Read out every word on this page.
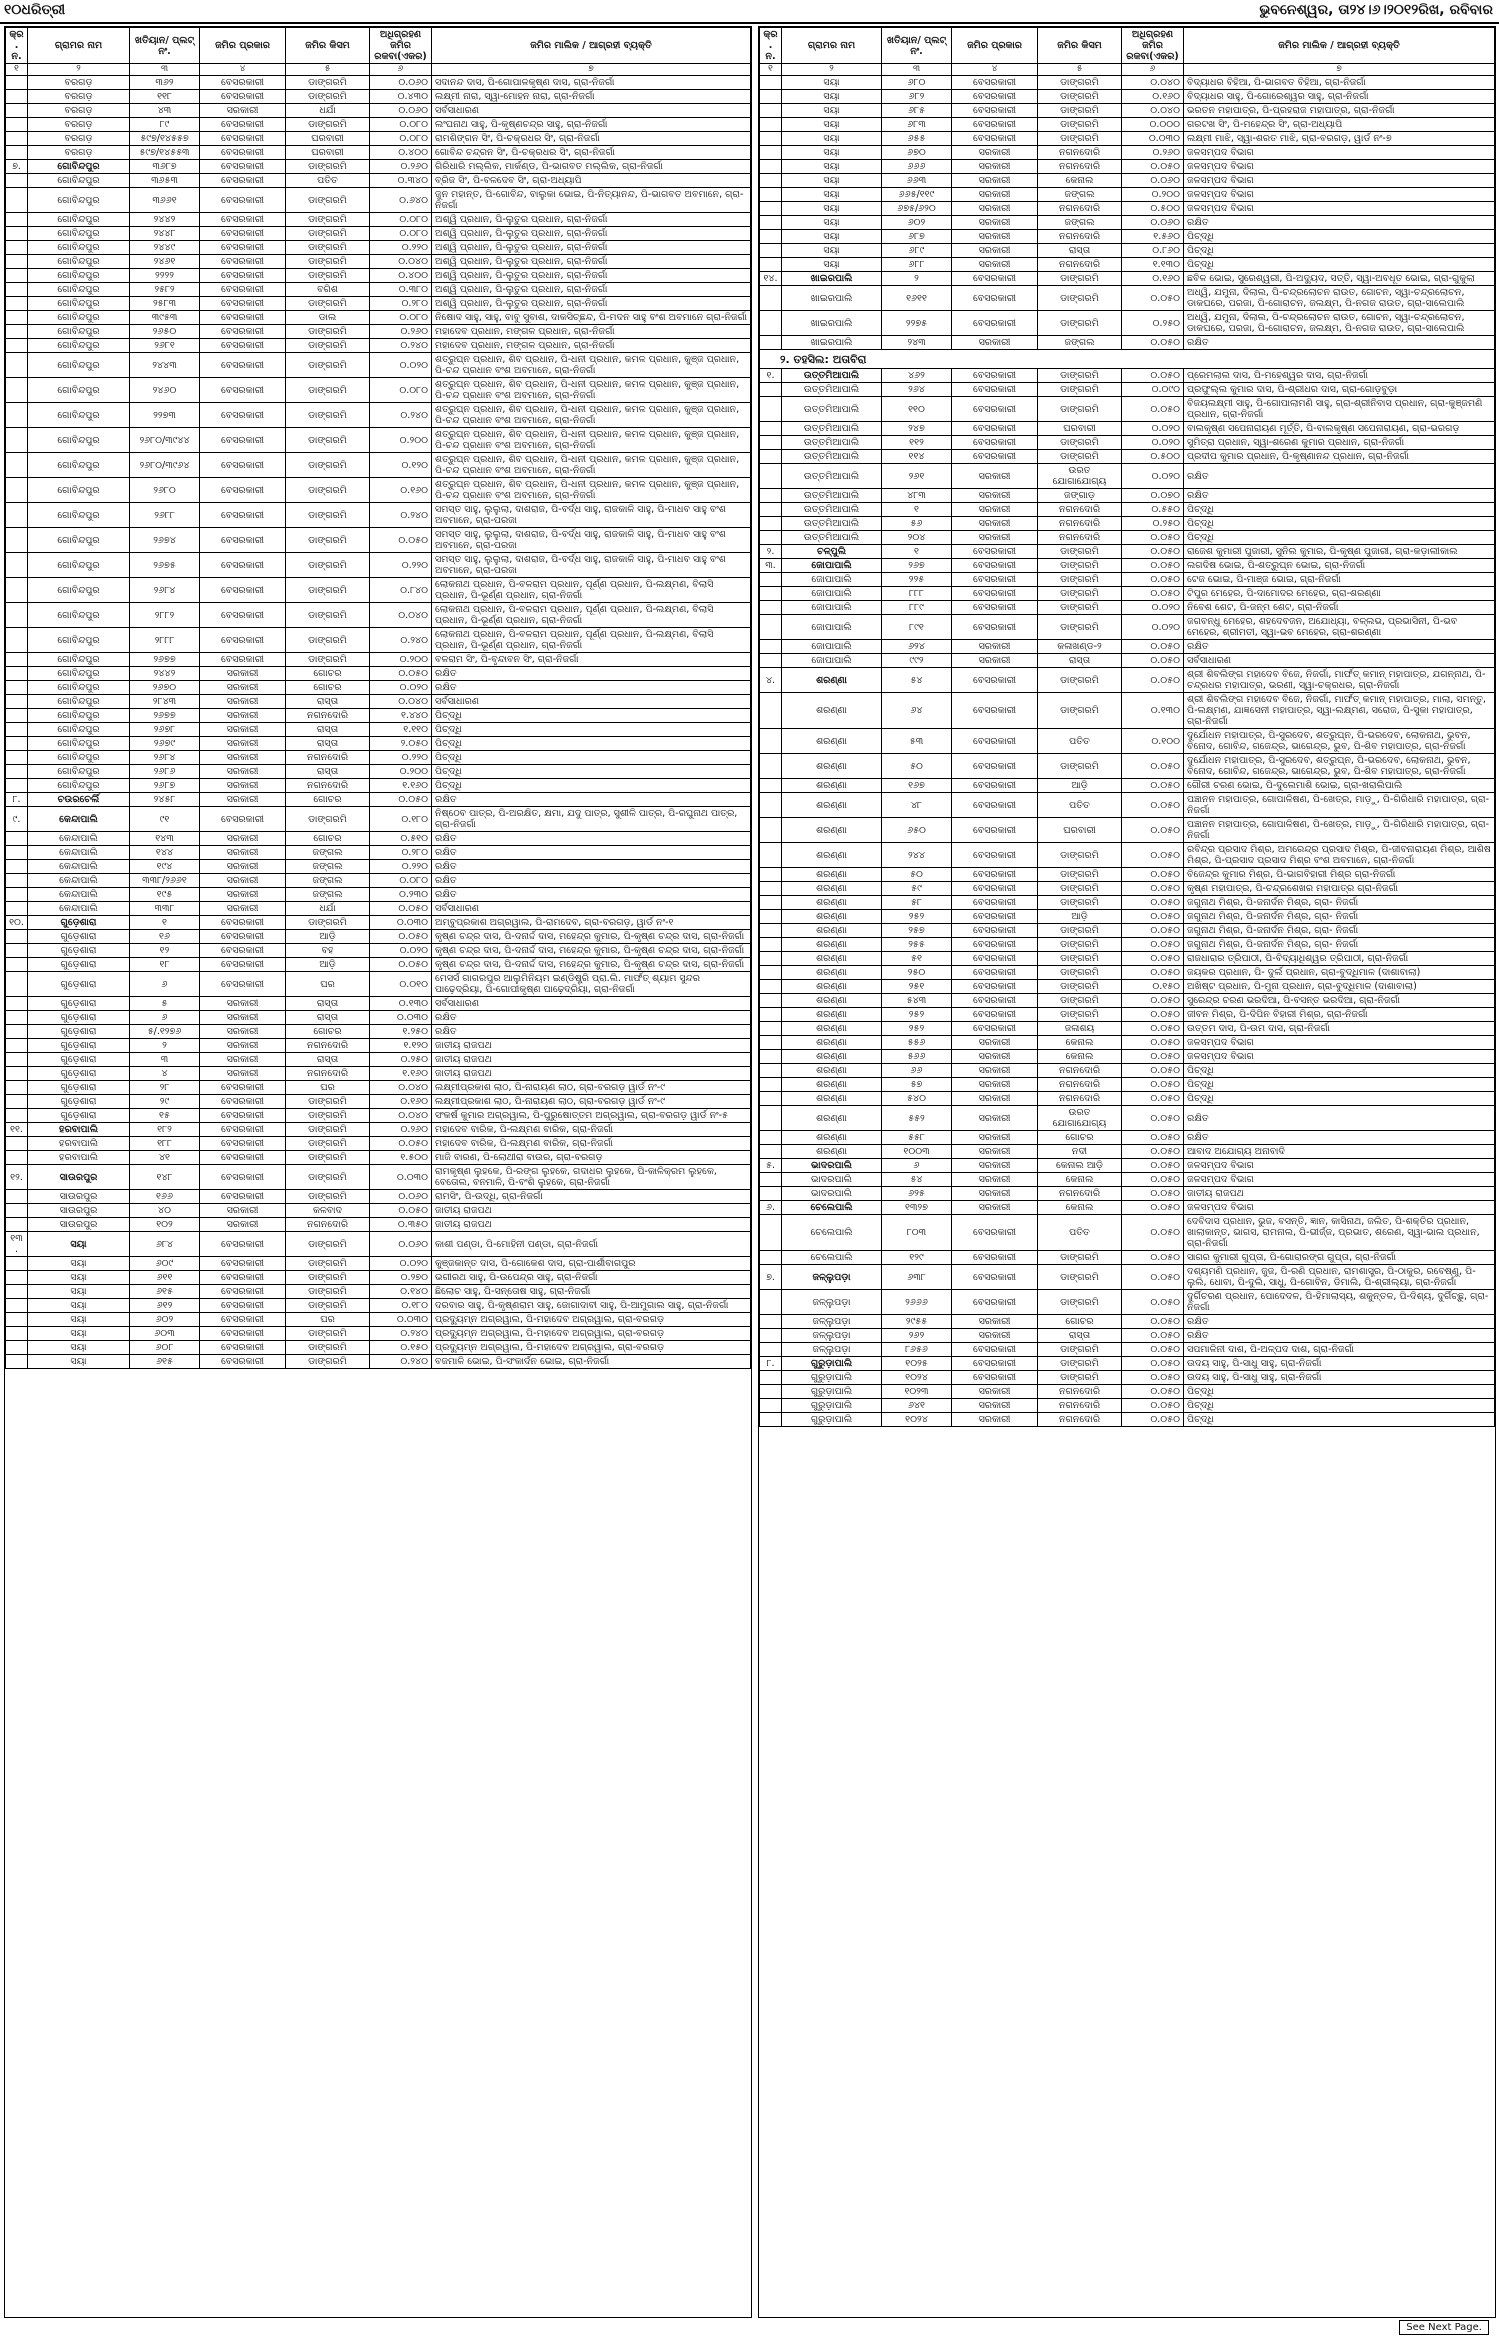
୧୦ଧରିତ୍ରୀ	ଭୁବନେଶ୍ୱର, ତା୨୪।୬।୨୦୧୨ରିଖ, ରବିବାର
କ୍ର. ନ.	ଗ୍ରାମର ନାମ	ଖତିୟାନ/ ପ୍ଲଟ୍ ନଂ.	ଜମିର ପ୍ରକାର	ଜମିର କିସମ	ଅଧିଗ୍ରହଣ ଜମିର ରକବା(ଏକର)	ଜମିର ମାଲିକ / ଆଗ୍ରହୀ ବ୍ୟକ୍ତି
୧	୨	୩	୪	୫	୬	୭
	ବରଗଡ଼	୩୬୨	ବେସରକାରୀ	ଡାଙ୍ଗରମି	୦.୦୬୦	ସଦାନନ୍ଦ ଦାସ, ପି-ଗୋପାଳକୃଷ୍ଣ ଦାସ, ଗ୍ରା-ନିଜର୍ଗା
	ବରଗଡ଼	୧୧୮	ବେସରକାରୀ	ଡାଙ୍ଗରମି	୦.୪୩୦	ଲକ୍ଷ୍ମୀ ନାରା, ସ୍ୱା-ମୋହନ ନାରା, ଗ୍ରା-ନିଜର୍ଗା
	ବରଗଡ଼	୪୩	ସରକାରୀ	ଧର୍ଯା	୦.୦୬୦	ସର୍ବସାଧାରଣ
	ବରଗଡ଼	୮୯	ବେସରକାରୀ	ଡାଙ୍ଗରମି	୦.୦୮୦	ଲଂଘନାଥ ସାହୁ, ପି-କୃଷ୍ଣଚନ୍ଦ୍ର ସାହୁ, ଗ୍ରା-ନିଜର୍ଗା
	ବରଗଡ଼	୫୯୭/୧୪୫୫୭	ବେସରକାରୀ	ଘରବାରୀ	୦.୦୮୦	ରାମଶିଙ୍ଗନ ସିଂ, ପି-ଚକ୍ରଧର ସିଂ, ଗ୍ରା-ନିଜର୍ଗା
	ବରଗଡ଼	୫୯୭/୧୪୫୫୩	ବେସରକାରୀ	ଘରବାରୀ	୦.୪୦୦	ଗୋବିନ୍ଦ ଚନ୍ଦ୍ରନ ସିଂ, ପି-ଚକ୍ରଧର ସିଂ, ଗ୍ରା-ନିଜର୍ଗା
୭.	ଗୋବିନ୍ଦପୁର	୩୬୮୭	ବେସରକାରୀ	ଡାଙ୍ଗରମି	୦.୨୬୦	ଗିରିଧାରି ମଲ୍ଲିକ, ମାର୍କଣ୍ଡ, ପି-ଭାଗବତ ମଲ୍ଲିକ, ଗ୍ରା-ନିଜର୍ଗା
	ଗୋବିନ୍ଦପୁର	୩୬୫୩	ବେସରକାରୀ	ପତିତ	୦.୩୪୦	ବ୍ରିଜ ସିଂ, ପି-ବଳଦେବ ସିଂ, ଗ୍ରା-ଅଧ୍ୟାପି
	ଗୋବିନ୍ଦପୁର	୩୬୬୧	ବେସରକାରୀ	ଡାଙ୍ଗରମି	୦.୬୪୦	ଜୁନ ମହାନ୍ତ, ପି-ଗୋବିନ୍ଦ, ବାଲୁକା ଭୋଇ, ପି-ନିତ୍ୟାନନ୍ଦ, ପି-ଭାଗବତ ଅବମାନେ, ଗ୍ରା-ନିଜର୍ଗା
	ଗୋବିନ୍ଦପୁର	୨୪୪୨	ବେସରକାରୀ	ଡାଙ୍ଗରମି	୦.୦୮୦	ଅଶ୍ୱି ପ୍ରଧାନ, ପି-ଲୁତୁର ପ୍ରଧାନ, ଗ୍ରା-ନିଜର୍ଗା
	ଗୋବିନ୍ଦପୁର	୨୪୪୮	ବେସରକାରୀ	ଡାଙ୍ଗରମି	୦.୦୮୦	ଅଶ୍ୱି ପ୍ରଧାନ, ପି-ଲୁତୁର ପ୍ରଧାନ, ଗ୍ରା-ନିଜର୍ଗା
	ଗୋବିନ୍ଦପୁର	୨୪୪୯	ବେସରକାରୀ	ଡାଙ୍ଗରମି	୦.୨୨୦	ଅଶ୍ୱି ପ୍ରଧାନ, ପି-ଲୁତୁର ପ୍ରଧାନ, ଗ୍ରା-ନିଜର୍ଗା
	ଗୋବିନ୍ଦପୁର	୨୪୬୧	ବେସରକାରୀ	ଡାଙ୍ଗରମି	୦.୦୪୦	ଅଶ୍ୱି ପ୍ରଧାନ, ପି-ଲୁତୁର ପ୍ରଧାନ, ଗ୍ରା-ନିଜର୍ଗା
	ଗୋବିନ୍ଦପୁର	୨୨୨୨	ବେସରକାରୀ	ଡାଙ୍ଗରମି	୦.୪୦୦	ଅଶ୍ୱି ପ୍ରଧାନ, ପି-ଲୁତୁର ପ୍ରଧାନ, ଗ୍ରା-ନିଜର୍ଗା
	ଗୋବିନ୍ଦପୁର	୨୫୮୨	ବେସରକାରୀ	ବଗିଶ	୦.୩୮୦	ଅଶ୍ୱି ପ୍ରଧାନ, ପି-ଲୁତୁର ପ୍ରଧାନ, ଗ୍ରା-ନିଜର୍ଗା
	ଗୋବିନ୍ଦପୁର	୨୫୮୩	ବେସରକାରୀ	ଡାଙ୍ଗରମି	୦.୨୮୦	ଅଶ୍ୱି ପ୍ରଧାନ, ପି-ଲୁତୁର ପ୍ରଧାନ, ଗ୍ରା-ନିଜର୍ଗା
	ଗୋବିନ୍ଦପୁର	୩୯୫୩	ବେସରକାରୀ	ଡାଲ	୦.୦୮୦	ନିଷୋଦ ସାହୁ, ସାହୁ, ବାବୁ ସୁବାଶ, ଦାକସିଚ୍ଛନ୍ଦ, ପି-ମଦନ ସାହୁ ବଂଶ ଅବମାନେ ଗ୍ରା-ନିଜର୍ଗା
	ଗୋବିନ୍ଦପୁର	୨୬୫୦	ବେସରକାରୀ	ଡାଙ୍ଗରମି	୦.୨୬୦	ମହାଦେବ ପ୍ରଧାନ, ମଙ୍ଗଳ ପ୍ରଧାନ, ଗ୍ରା-ନିଜର୍ଗା
	ଗୋବିନ୍ଦପୁର	୨୬୮୧	ବେସରକାରୀ	ଡାଙ୍ଗରମି	୦.୨୪୦	ମହାଦେବ ପ୍ରଧାନ, ମଙ୍ଗଳ ପ୍ରଧାନ, ଗ୍ରା-ନିଜର୍ଗା
	ଗୋବିନ୍ଦପୁର	୨୪୪୩	ବେସରକାରୀ	ଡାଙ୍ଗରମି	୦.୦୨୦	ଶତ୍ରୁଘ୍ନ ପ୍ରଧାନ, ଶିବ ପ୍ରଧାନ, ପି-ଧନୀ ପ୍ରଧାନ, କମଳ ପ୍ରଧାନ, କୁଞ୍ଜ ପ୍ରଧାନ, ପି-ଚନ୍ଦ ପ୍ରଧାନ ବଂଶ ଅବମାନେ, ଗ୍ରା-ନିଜର୍ଗା
	ଗୋବିନ୍ଦପୁର	୨୪୬୦	ବେସରକାରୀ	ଡାଙ୍ଗରମି	୦.୦୮୦	ଶତ୍ରୁଘ୍ନ ପ୍ରଧାନ, ଶିବ ପ୍ରଧାନ, ପି-ଧନୀ ପ୍ରଧାନ, କମଳ ପ୍ରଧାନ, କୁଞ୍ଜ ପ୍ରଧାନ, ପି-ଚନ୍ଦ ପ୍ରଧାନ ବଂଶ ଅବମାନେ, ଗ୍ରା-ନିଜର୍ଗା
	ଗୋବିନ୍ଦପୁର	୨୨୭୩	ବେସରକାରୀ	ଡାଙ୍ଗରମି	୦.୨୪୦	ଶତ୍ରୁଘ୍ନ ପ୍ରଧାନ, ଶିବ ପ୍ରଧାନ, ପି-ଧନୀ ପ୍ରଧାନ, କମଳ ପ୍ରଧାନ, କୁଞ୍ଜ ପ୍ରଧାନ, ପି-ଚନ୍ଦ ପ୍ରଧାନ ବଂଶ ଅବମାନେ, ଗ୍ରା-ନିଜର୍ଗା
	ଗୋବିନ୍ଦପୁର	୨୬୮୦/୩୯୪୪	ବେସରକାରୀ	ଡାଙ୍ଗରମି	୦.୨୦୦	ଶତ୍ରୁଘ୍ନ ପ୍ରଧାନ, ଶିବ ପ୍ରଧାନ, ପି-ଧନୀ ପ୍ରଧାନ, କମଳ ପ୍ରଧାନ, କୁଞ୍ଜ ପ୍ରଧାନ, ପି-ଚନ୍ଦ ପ୍ରଧାନ ବଂଶ ଅବମାନେ, ଗ୍ରା-ନିଜର୍ଗା
	ଗୋବିନ୍ଦପୁର	୨୬୮୦/୩୯୬୪	ବେସରକାରୀ	ଡାଙ୍ଗରମି	୦.୧୨୦	ଶତ୍ରୁଘ୍ନ ପ୍ରଧାନ, ଶିବ ପ୍ରଧାନ, ପି-ଧନୀ ପ୍ରଧାନ, କମଳ ପ୍ରଧାନ, କୁଞ୍ଜ ପ୍ରଧାନ, ପି-ଚନ୍ଦ ପ୍ରଧାନ ବଂଶ ଅବମାନେ, ଗ୍ରା-ନିଜର୍ଗା
	ଗୋବିନ୍ଦପୁର	୨୬୮୦	ବେସରକାରୀ	ଡାଙ୍ଗରମି	୦.୧୬୦	ଶତ୍ରୁଘ୍ନ ପ୍ରଧାନ, ଶିବ ପ୍ରଧାନ, ପି-ଧନୀ ପ୍ରଧାନ, କମଳ ପ୍ରଧାନ, କୁଞ୍ଜ ପ୍ରଧାନ, ପି-ଚନ୍ଦ ପ୍ରଧାନ ବଂଶ ଅବମାନେ, ଗ୍ରା-ନିଜର୍ଗା
	ଗୋବିନ୍ଦପୁର	୨୬୮୮	ବେସରକାରୀ	ଡାଙ୍ଗରମି	୦.୨୪୦	ସମସ୍ତ ସାହୁ, ଲୁଲୁଲା, ଦାଶରାଜ, ପି-ବର୍ଦ୍ଧ ସାହୁ, ରାଜକାଳି ସାହୁ, ପି-ମାଧବ ସାହୁ ବଂଶ ଅବମାନେ, ଗ୍ରା-ପରଜା
	ଗୋବିନ୍ଦପୁର	୨୬୭୪	ବେସରକାରୀ	ଡାଙ୍ଗରମି	୦.୦୫୦	ସମସ୍ତ ସାହୁ, ଲୁଲୁଲା, ଦାଶରାଜ, ପି-ବର୍ଦ୍ଧ ସାହୁ, ରାଜକାଳି ସାହୁ, ପି-ମାଧବ ସାହୁ ବଂଶ ଅବମାନେ, ଗ୍ରା-ପରଜା
	ଗୋବିନ୍ଦପୁର	୨୬୭୫	ବେସରକାରୀ	ଡାଙ୍ଗରମି	୦.୨୨୦	ସମସ୍ତ ସାହୁ, ଲୁଲୁଲା, ଦାଶରାଜ, ପି-ବର୍ଦ୍ଧ ସାହୁ, ରାଜକାଳି ସାହୁ, ପି-ମାଧବ ସାହୁ ବଂଶ ଅବମାନେ, ଗ୍ରା-ପରଜା
	ଗୋବିନ୍ଦପୁର	୨୬୮୪	ବେସରକାରୀ	ଡାଙ୍ଗରମି	୦.୮୪୦	ଲୋକନାଥ ପ୍ରଧାନ, ପି-ବଳରାମ ପ୍ରଧାନ, ପୂର୍ଣ୍ଣ ପ୍ରଧାନ, ପି-ଲକ୍ଷ୍ମଣ, ବିଲାସି ପ୍ରଧାନ, ପି-ଭୂର୍ଣ୍ଣ ପ୍ରଧାନ, ଗ୍ରା-ନିଜର୍ଗା
	ଗୋବିନ୍ଦପୁର	୨୮୮୨	ବେସରକାରୀ	ଡାଙ୍ଗରମି	୦.୦୪୦	ଲୋକନାଥ ପ୍ରଧାନ, ପି-ବଳରାମ ପ୍ରଧାନ, ପୂର୍ଣ୍ଣ ପ୍ରଧାନ, ପି-ଲକ୍ଷ୍ମଣ, ବିଲାସି ପ୍ରଧାନ, ପି-ଭୂର୍ଣ୍ଣ ପ୍ରଧାନ, ଗ୍ରା-ନିଜର୍ଗା
	ଗୋବିନ୍ଦପୁର	୨୮୮୮	ବେସରକାରୀ	ଡାଙ୍ଗରମି	୦.୨୪୦	ଲୋକନାଥ ପ୍ରଧାନ, ପି-ବଳରାମ ପ୍ରଧାନ, ପୂର୍ଣ୍ଣ ପ୍ରଧାନ, ପି-ଲକ୍ଷ୍ମଣ, ବିଲାସି ପ୍ରଧାନ, ପି-ଭୂର୍ଣ୍ଣ ପ୍ରଧାନ, ଗ୍ରା-ନିଜର୍ଗା
	ଗୋବିନ୍ଦପୁର	୨୬୭୭	ବେସରକାରୀ	ଡାଙ୍ଗରମି	୦.୨୦୦	ବଳରାମ ସିଂ, ପି-ବୃନ୍ଦାବନ ସିଂ, ଗ୍ରା-ନିଜର୍ଗା
	ଗୋବିନ୍ଦପୁର	୨୪୪୨	ସରକାରୀ	ଗୋଚର	୦.୦୫୦	ରକ୍ଷିତ
	ଗୋବିନ୍ଦପୁର	୨୬୭୦	ସରକାରୀ	ଗୋଚର	୦.୦୨୦	ରକ୍ଷିତ
	ଗୋବିନ୍ଦପୁର	୨୮୪୩	ସରକାରୀ	ରାସ୍ତା	୦.୦୪୦	ସର୍ବସାଧାରଣ
	ଗୋବିନ୍ଦପୁର	୨୬୭୭	ସରକାରୀ	ନଗନଦୋରି	୧.୪୪୦	ପିଚ୍‌ଦ୍ଧି
	ଗୋବିନ୍ଦପୁର	୨୬୭୮	ସରକାରୀ	ରାସ୍ତା	୧.୧୧୦	ପିଚ୍‌ଦ୍ଧି
	ଗୋବିନ୍ଦପୁର	୨୬୭୯	ସରକାରୀ	ରାସ୍ତା	୨.୦୫୦	ପିଚ୍‌ଦ୍ଧି
	ଗୋବିନ୍ଦପୁର	୨୬୮୪	ସରକାରୀ	ନଗନଦୋରି	୦.୨୨୦	ପିଚ୍‌ଦ୍ଧି
	ଗୋବିନ୍ଦପୁର	୨୬୮୬	ସରକାରୀ	ରାସ୍ତା	୦.୨୦୦	ପିଚ୍‌ଦ୍ଧି
	ଗୋବିନ୍ଦପୁର	୨୬୮୭	ସରକାରୀ	ନଗନଦୋରି	୧.୧୬୦	ପିଚ୍‌ଦ୍ଧି
୮.	ଚଉରଚେର୍ଲି	୨୪୫୮	ସରକାରୀ	ଗୋଚର	୦.୦୫୦	ରକ୍ଷିତ
୯.	କେନ୍ଦାପାଲି	୯୧	ବେସରକାରୀ	ଡାଙ୍ଗରମି	୦.୧୮୦	ନିଷ୍ଠେବ ପାତ୍ର, ପି-ଅରକ୍ଷିତ, କ୍ଷମା, ଯଦୁ ପାତ୍ର, ସୁଶୀଳି ପାତ୍ର, ପି-ରଘୁନାଥ ପାତ୍ର, ଗ୍ରା-ନିଜର୍ଗା
	କେନ୍ଦାପାଲି	୧୪୩	ସରକାରୀ	ଗୋଚର	୦.୫୧୦	ରକ୍ଷିତ
	କେନ୍ଦାପାଲି	୧୪୪	ସରକାରୀ	ଜଙ୍ଗଲ	୦.୨୮୦	ରକ୍ଷିତ
	କେନ୍ଦାପାଲି	୧୯୪	ସରକାରୀ	ଜଙ୍ଗଲ	୦.୨୨୦	ରକ୍ଷିତ
	କେନ୍ଦାପାଲି	୩୩୮/୨୬୬୧	ସରକାରୀ	ଜଙ୍ଗଲ	୦.୦୮୦	ରକ୍ଷିତ
	କେନ୍ଦାପାଲି	୧୯୫	ସରକାରୀ	ଜଙ୍ଗଲ	୦.୨୩୦	ରକ୍ଷିତ
	କେନ୍ଦାପାଲି	୩୩୮	ସରକାରୀ	ଧର୍ଯା	୦.୦୫୦	ସର୍ବସାଧାରଣ
୧୦.	ଗୁଡ଼େଶାରା	୧	ବେସରକାରୀ	ଡାଙ୍ଗରମି	୦.୦୩୦	ଅମ୍ବୁପ୍ରକାଶ ଅଗ୍ରୱାଲ, ପି-ରାମଦେବ, ଗ୍ରା-ବରଗଡ଼, ୱାର୍ଡ ନଂ-୧
	ଗୁଡ଼େଶାରା	୧୬	ବେସରକାରୀ	ଆଡ଼ି	୦.୦୫୦	କୃଷ୍ଣ ଚନ୍ଦ୍ର ଦାସ, ପି-ଦନାର୍ଦ୍ଦ ଦାସ, ମହେନ୍ଦ୍ର କୁମାର, ପି-କୃଷ୍ଣ ଚନ୍ଦ୍ର ଦାସ, ଗ୍ରା-ନିଜର୍ଗା
	ଗୁଡ଼େଶାରା	୧୨	ବେସରକାରୀ	ବହ	୦.୦୨୦	କୃଷ୍ଣ ଚନ୍ଦ୍ର ଦାସ, ପି-ଦନାର୍ଦ୍ଦ ଦାସ, ମହେନ୍ଦ୍ର କୁମାର, ପି-କୃଷ୍ଣ ଚନ୍ଦ୍ର ଦାସ, ଗ୍ରା-ନିଜର୍ଗା
	ଗୁଡ଼େଶାରା	୧୮	ବେସରକାରୀ	ଆଡ଼ି	୦.୦୫୦	କୃଷ୍ଣ ଚନ୍ଦ୍ର ଦାସ, ପି-ଦନାର୍ଦ୍ଦ ଦାସ, ମହେନ୍ଦ୍ର କୁମାର, ପି-କୃଷ୍ଣ ଚନ୍ଦ୍ର ଦାସ, ଗ୍ରା-ନିଜର୍ଗା
	ଗୁଡ଼େଶାରା	୬	ବେସରକାରୀ	ଘର	୦.୦୧୦	ମେସର୍ସ ଗାଗରପୁର ଆଲୁମିନିୟମ ଇଣ୍ଡିଷ୍ଟ୍ରି ପ୍ରା.ଲି. ମାର୍ଫତ୍ ଶ୍ୟାମ ସୁନ୍ଦର ପାଢ଼େଦ୍ରିୟା, ପି-ଗୋପୀକୃଷ୍ଣ ପାଢ଼େଦ୍ରିୟା, ଗ୍ରା-ନିଜର୍ଗା
	ଗୁଡ଼େଶାରା	୫	ସରକାରୀ	ରାସ୍ତା	୦.୧୩୦	ସର୍ବସାଧାରଣ
	ଗୁଡ଼େଶାରା	୬	ସରକାରୀ	ରାସ୍ତା	୦.୦୩୦	ରକ୍ଷିତ
	ଗୁଡ଼େଶାରା	୫/.୧୨୭୬	ସରକାରୀ	ଗୋଚର	୧.୨୫୦	ରକ୍ଷିତ
	ଗୁଡ଼େଶାରା	୨	ସରକାରୀ	ନଗନଦୋରି	୧.୧୨୦	ଜାତୀୟ ରାଜପଥ
	ଗୁଡ଼େଶାରା	୩	ସରକାରୀ	ରାସ୍ତା	୦.୨୫୦	ଜାତୀୟ ରାଜପଥ
	ଗୁଡ଼େଶାରା	୪	ସରକାରୀ	ନଗନଦୋରି	୧.୧୬୦	ଜାତୀୟ ରାଜପଥ
	ଗୁଡ଼େଶାରା	୨୮	ବେସରକାରୀ	ଘର	୦.୦୪୦	ଲକ୍ଷ୍ମୀପ୍ରକାଶ ଲାଠ, ପି-ନାରାୟଣ ଲାଠ, ଗ୍ରା-ବରଗଡ଼ ୱାର୍ଡ ନଂ-୯
	ଗୁଡ଼େଶାରା	୨୯	ବେସରକାରୀ	ଡାଙ୍ଗରମି	୦.୧୬୦	ଲକ୍ଷ୍ମୀପ୍ରକାଶ ଲାଠ, ପି-ନାରାୟଣ ଲାଠ, ଗ୍ରା-ବରଗଡ଼ ୱାର୍ଡ ନଂ-୯
	ଗୁଡ଼େଶାରା	୧୫	ବେସରକାରୀ	ଡାଙ୍ଗରମି	୦.୦୪୦	ସଂକର୍ଷ କୁମାର ଅଗ୍ରୱାଲ, ପି-ପୁରୁଷୋତ୍ତମ ଅଗ୍ରୱାଲ, ଗ୍ରା-ବରଗଡ଼ ୱାର୍ଡ ନଂ-୫
୧୧.	ହରବାପାଲି	୧୮୨	ବେସରକାରୀ	ଡାଙ୍ଗରମି	୦.୨୬୦	ମହାଦେବ ବାରିକ, ପି-ଲକ୍ଷ୍ମଣ ବାରିକ, ଗ୍ରା-ନିଜର୍ଗା
	ହରବାପାଲି	୧୮୮	ବେସରକାରୀ	ଡାଙ୍ଗରମି	୦.୦୫୦	ମହାଦେବ ବାରିକ, ପି-ଲକ୍ଷ୍ମଣ ବାରିକ, ଗ୍ରା-ନିଜର୍ଗା
	ହରବାପାଲି	୪୧	ବେସରକାରୀ	ଡାଙ୍ଗରମି	୧.୫୦୦	ମାଜି ବାରଣ, ପି-ଲୋଥୀରା ବାଉର, ଗ୍ରା-ବରଗଡ଼
୧୨.	ସାଉରପୁର	୧୪୮	ବେସରକାରୀ	ଡାଙ୍ଗରମି	୦.୦୩୦	ରାମକୃଷ୍ଣ ଲୁହକେ, ପି-ରଙ୍ଗ ଲୁହକେ, ଗଦାଧର ଲୁହକେ, ପି-କାଳିକ୍ରମ ଲୁହକେ, ବେତୋଲ, ବନମାଳି, ପି-ବଂଶି ଲୁହକେ, ଗ୍ରା-ନିଜର୍ଗା
	ସାଉରପୁର	୧୬୬	ବେସରକାରୀ	ଡାଙ୍ଗରମି	୦.୦୬୦	ରାମସିଂ, ପି-ଉଦ୍ଧି, ଗ୍ରା-ନିଜର୍ଗା
	ସାଉରପୁର	୪୦	ସରକାରୀ	କଳବାଦ	୦.୦୫୦	ଜାତୀୟ ରାଜପଥ
	ସାଉରପୁର	୧୦୨	ସରକାରୀ	ନଗନଦୋରି	୦.୩୫୦	ଜାତୀୟ ରାଜପଥ
୧୩.	ସୟା	୬୮୪	ବେସରକାରୀ	ଡାଙ୍ଗରମି	୦.୦୬୦	କାଶୀ ପଣ୍ଡା, ପି-ମୋହିନୀ ପଣ୍ଡା, ଗ୍ରା-ନିଜର୍ଗା
	ସୟା	୬୦୯	ବେସରକାରୀ	ଡାଙ୍ଗରମି	୦.୦୨୦	କୁଞ୍ଜକାନ୍ତ ଦାସ, ପି-ଗୋକେଶ ଦାସ, ଗ୍ରା-ପାର୍ଶୀବାଗପୁର
	ସୟା	୬୧୧	ବେସରକାରୀ	ଡାଙ୍ଗରମି	୦.୨୭୦	ଭଗୀରଥ ସାହୁ, ପି-ଉପେନ୍ଦ୍ର ସାହୁ, ଗ୍ରା-ନିଜର୍ଗା
	ସୟା	୬୧୫	ବେସରକାରୀ	ଡାଙ୍ଗରମି	୦.୧୪୦	ଛିଲୋଚ ସାହୁ, ପି-ସନ୍ତୋଷ ସାହୁ, ଗ୍ରା-ନିଜର୍ଗା
	ସୟା	୬୧୨	ବେସରକାରୀ	ଡାଙ୍ଗରମି	୦.୧୮୦	ଦରବାର ସାହୁ, ପି-କୃଷ୍ଣରାମ ସାହୁ, ଜୋଗାଦାବୀ ସାହୁ, ପି-ଆମୁଗାଲ ସାହୁ, ଗ୍ରା-ନିଜର୍ଗା
	ସୟା	୬୦୨	ବେସରକାରୀ	ଘର	୦.୦୩୦	ପ୍ରଦ୍ୟୁମ୍ନ ଅଗ୍ରୱାଲ, ପି-ମହାଦେବ ଅଗ୍ରୱାଲ, ଗ୍ରା-ବରଗଡ଼
	ସୟା	୬୦୩	ବେସରକାରୀ	ଡାଙ୍ଗରମି	୦.୨୪୦	ପ୍ରଦ୍ୟୁମ୍ନ ଅଗ୍ରୱାଲ, ପି-ମହାଦେବ ଅଗ୍ରୱାଲ, ଗ୍ରା-ବରଗଡ଼
	ସୟା	୬୦୮	ବେସରକାରୀ	ଡାଙ୍ଗରମି	୦.୧୫୦	ପ୍ରଦ୍ୟୁମ୍ନ ଅଗ୍ରୱାଲ, ପି-ମହାଦେବ ଅଗ୍ରୱାଲ, ଗ୍ରା-ବରଗଡ଼
	ସୟା	୬୧୫	ବେସରକାରୀ	ଡାଙ୍ଗରମି	୦.୨୪୦	ବଜମାଳି ଭୋଇ, ପି-ସଂକାର୍ଦନ ଭୋଇ, ଗ୍ରା-ନିଜର୍ଗା
କ୍ର. ନ.	ଗ୍ରାମର ନାମ	ଖତିୟାନ/ ପ୍ଲଟ୍ ନଂ.	ଜମିର ପ୍ରକାର	ଜମିର କିସମ	ଅଧିଗ୍ରହଣ ଜମିର ରକବା(ଏକର)	ଜମିର ମାଲିକ / ଆଗ୍ରହୀ ବ୍ୟକ୍ତି
୧	୨	୩	୪	୫	୬	୭
	ସୟା	୬୮୦	ବେସରକାରୀ	ଡାଙ୍ଗରମି	୦.୦୪୦	ବିଦ୍ୟାଧର ବିହିଆ, ପି-ଭାଗବତ ବିହିଆ, ଗ୍ରା-ନିଜର୍ଗା
	ସୟା	୬୮୨	ବେସରକାରୀ	ଡାଙ୍ଗରମି	୦.୧୬୦	ବିଦ୍ୟାଧର ସାହୁ, ପି-ଗୋରେଶ୍ୱର ସାହୁ, ଗ୍ରା-ନିଜର୍ଗା
	ସୟା	୬୮୫	ବେସରକାରୀ	ଡାଙ୍ଗରମି	୦.୦୪୦	ଭରତନ ମହାପାତ୍ର, ପି-ପ୍ରହରାଜ ମହାପାତ୍ର, ଗ୍ରା-ନିଜର୍ଗା
	ସୟା	୬୮୩	ବେସରକାରୀ	ଡାଙ୍ଗରମି	୦.୦୦୦	ଗରଟଖ ସିଂ, ପି-ମହେନ୍ଦ୍ର ସିଂ, ଗ୍ରା-ଅଧ୍ୟାପି
	ସୟା	୬୫୫	ବେସରକାରୀ	ଡାଙ୍ଗରମି	୦.୦୩୦	ଲକ୍ଷ୍ମୀ ମାଝି, ସ୍ୱା-ଶରତ ମାଝି, ଗ୍ରା-ବରଗଡ଼, ୱାର୍ଡ ନଂ-୭
	ସୟା	୬୭୦	ସରକାରୀ	ନଗନଦୋରି	୦.୨୬୦	ଜଳସମ୍ପଦ ବିଭାଗ
	ସୟା	୬୬୬	ସରକାରୀ	ନଗନଦୋରି	୦.୦୫୦	ଜଳସମ୍ପଦ ବିଭାଗ
	ସୟା	୬୬୩	ସରକାରୀ	କେନାଲ	୦.୦୬୦	ଜଳସମ୍ପଦ ବିଭାଗ
	ସୟା	୬୬୫/୧୧୯	ସରକାରୀ	ଜଙ୍ଗଲ	୦.୨୦୦	ଜଳସମ୍ପଦ ବିଭାଗ
	ସୟା	୬୭୫/୬୨୦	ସରକାରୀ	ନଗନଦୋରି	୦.୫୦୦	ଜଳସମ୍ପଦ ବିଭାଗ
	ସୟା	୬୦୨	ସରକାରୀ	ଜଙ୍ଗଲ	୦.୦୬୦	ରକ୍ଷିତ
	ସୟା	୬୮୭	ସରକାରୀ	ନଗନଦୋରି	୧.୫୬୦	ପିଚ୍‌ଦ୍ଧି
	ସୟା	୬୮୯	ସରକାରୀ	ରାସ୍ତା	୦.୮୬୦	ପିଚ୍‌ଦ୍ଧି
	ସୟା	୬୮୮	ସରକାରୀ	ନଗନଦୋରି	୧.୧୩୦	ପିଚ୍‌ଦ୍ଧି
୧୪.	ଖାଇରପାଲି	୨	ବେସରକାରୀ	ଡାଙ୍ଗରମି	୦.୧୬୦	ଛବିଳ ଭୋଇ, ସୁରେଶ୍ୱରୀ, ପି-ଅଦ୍ୟୁଦ, ସତ୍ତି, ସ୍ୱା-ଅବଧୂତ ଭୋଇ, ଗ୍ରା-ଗୁକୁଲା
	ଖାଇରପାଲି	୧୬୧୧	ବେସରକାରୀ	ଡାଙ୍ଗରମି	୦.୦୫୦	ଅଧ୍ୱି, ଯମୁନା, ଦିଲାଲ, ପି-ଚନ୍ଦ୍ରଲୋଚନ ରାଉତ, ଗୋଚନ, ସ୍ୱା-ଚନ୍ଦ୍ରଲୋଚନ, ଡାକଘରେ, ପରଜା, ପି-ଗୋରାଚନ, ଜଲକ୍ଷ୍ମ, ପି-ନଗଜ ରାଉତ, ଗ୍ରା-ସାଲେପାଲି
	ଖାଇରପାଲି	୨୨୭୫	ବେସରକାରୀ	ଡାଙ୍ଗରମି	୦.୨୫୦	ଅଧ୍ୱି, ଯମୁନା, ଦିଲାଲ, ପି-ଚନ୍ଦ୍ରଲୋଚନ ରାଉତ, ଗୋଚନ, ସ୍ୱା-ଚନ୍ଦ୍ରଲୋଚନ, ଡାକଘରେ, ପରଜା, ପି-ଗୋରାଚନ, ଜଲକ୍ଷ୍ମ, ପି-ନଗଜ ରାଉତ, ଗ୍ରା-ସାଲେପାଲି
	ଖାଇରପାଲି	୨୪୩	ସରକାରୀ	ଜଙ୍ଗଲ	୦.୦୫୦	ରକ୍ଷିତ
୨. ତହସିଲ: ଅତାବିରା						
୧.	ଉତ୍ତମିଆପାଲି	୪୬୨	ବେସରକାରୀ	ଡାଙ୍ଗରମି	୦.୦୫୦	ପ୍ରେମଲାଲ ଦାସ, ପି-ମହେଶ୍ୱର ଦାସ, ଗ୍ରା-ନିଜର୍ଗା
	ଉତ୍ତମିଆପାଲି	୨୬୪	ବେସରକାରୀ	ଡାଙ୍ଗରମି	୦.୦୯୦	ପ୍ରଫୁଲ୍ଲ କୁମାର ଦାସ, ପି-ଶ୍ରୀଧର ଦାସ, ଗ୍ରା-ଗୋଡ଼ବୁଡ଼ା
	ଉତ୍ତମିଆପାଲି	୧୧୦	ବେସରକାରୀ	ଡାଙ୍ଗରମି	୦.୦୫୦	ବିଜୟଲକ୍ଷ୍ମୀ ସାହୁ, ପି-ଗୋପାଲାମଣି ସାହୁ, ଗ୍ରା-ଶ୍ରୀନିବାସ ପ୍ରଧାନ, ଗ୍ରା-କୁଞ୍ଜମଣି ପ୍ରଧାନ, ଗ୍ରା-ନିଜର୍ଗା
	ଉତ୍ତମିଆପାଲି	୨୪୭	ବେସରକାରୀ	ଘରବାରୀ	୦.୦୨୦	ବାଲକୃଷ୍ଣ ସପେନାରାୟଣ ମୂର୍ତ୍ତି, ପି-ବାଲକୃଷ୍ଣ ସପେନାରାୟଣ, ଗ୍ରା-ଭରଗଡ଼
	ଉତ୍ତମିଆପାଲି	୧୧୨	ବେସରକାରୀ	ଡାଙ୍ଗରମି	୦.୦୨୦	ସୁମିତ୍ରା ପ୍ରଧାନ, ସ୍ୱା-ଶରେଣ କୁମାର ପ୍ରଧାନ, ଗ୍ରା-ନିଜର୍ଗା
	ଉତ୍ତମିଆପାଲି	୧୧୪	ବେସରକାରୀ	ଡାଙ୍ଗରମି	୦.୫୦୦	ପ୍ରଦୀପ କୁମାର ପ୍ରଧାନ, ପି-କୃଷ୍ଣାନନ୍ଦ ପ୍ରଧାନ, ଗ୍ରା-ନିଜର୍ଗା
	ଉତ୍ତମିଆପାଲି	୨୬୧	ସରକାରୀ	ଉରତ ଯୋଗାଯୋଗ୍ୟ	୦.୦୨୦	ରକ୍ଷିତ
	ଉତ୍ତମିଆପାଲି	୪୮୩	ସରକାରୀ	ଜଙ୍ଗାଡ଼	୦.୦୭୦	ରକ୍ଷିତ
	ଉତ୍ତମିଆପାଲି	୧	ସରକାରୀ	ନଗନଦୋରି	୦.୫୫୦	ପିଚ୍‌ଦ୍ଧି
	ଉତ୍ତମିଆପାଲି	୫୬	ସରକାରୀ	ନଗନଦୋରି	୦.୨୫୦	ପିଚ୍‌ଦ୍ଧି
	ଉତ୍ତମିଆପାଲି	୨୦୪	ସରକାରୀ	ନଗନଦୋରି	୦.୦୫୦	ପିଚ୍‌ଦ୍ଧି
୨.	ଚଳ୍ପୁଲି	୧	ବେସରକାରୀ	ଡାଙ୍ଗରମି	୦.୦୫୦	ରାଜେଶ କୁମାରୀ ପୁଜାରୀ, ସୁନିଲ କୁମାର, ପି-କୃଷ୍ଣ ପୁଜାରୀ, ଗ୍ରା-କଡ଼ାଲୀକାଲ
୩.	ଜୋପାପାଲି	୨୬୭	ବେସରକାରୀ	ଡାଙ୍ଗରମି	୦.୦୫୦	ଲଗଦିଷ ଭୋଇ, ପି-ଶତ୍ରୁଘ୍ନ ଭୋଇ, ଗ୍ରା-ନିଜର୍ଗା
	ଜୋପାପାଲି	୨୨୫	ବେସରକାରୀ	ଡାଙ୍ଗରମି	୦.୦୫୦	ଟେଜ ଭୋଇ, ପି-ମାଞ୍ଜ ଭୋଇ, ଗ୍ରା-ନିଜର୍ଗା
	ଜୋପାପାଲି	୮୮୮	ବେସରକାରୀ	ଡାଙ୍ଗରମି	୦.୦୫୦	ଟିପୁର ମେହେର, ପି-ଦାମୋଦର ମେହେର, ଗ୍ରା-ଶରଣ୍ଣା
	ଜୋପାପାଲି	୮୮୯	ବେସରକାରୀ	ଡାଙ୍ଗରମି	୦.୦୨୦	ନିବେଶ ଶେଟ, ପି-ଜନ୍ମ ଶେଟ, ଗ୍ରା-ନିଜର୍ଗା
	ଜୋପାପାଲି	୮୯୧	ବେସରକାରୀ	ଡାଙ୍ଗରମି	୦.୦୨୦	ଜଗବନ୍ଧୁ ମେହେର, ଶହଦେବଜନ, ଅଯୋଧ୍ୟା, ବଳ୍ଲଭ, ପ୍ରଭାସିନୀ, ପି-ଭବ ମେହେର, ଶ୍ରୀମତୀ, ସ୍ୱା-ଭବ ମେହେର, ଗ୍ରା-ଶରଣ୍ଣା
	ଜୋପାପାଲି	୬୨୪	ସରକାରୀ	କଳାଖଣ୍ଡ-୨	୦.୦୫୦	ରକ୍ଷିତ
	ଜୋପାପାଲି	୯୯୨	ସରକାରୀ	ରାସ୍ତା	୦.୦୫୦	ସର୍ବସାଧାରଣ
୪.	ଶରଣ୍ଣା	୫୪	ବେସରକାରୀ	ଡାଙ୍ଗରମି	୦.୦୫୦	ଶ୍ରୀ ଶିବଲିଙ୍ଗ ମହାଦେବ ବିଜେ, ନିଜର୍ଗା, ମାର୍ଫତ୍ କମାନ୍ ମହାପାତ୍ର, ଯଗନ୍ନାଥ, ପି-ଚନ୍ଦ୍ରଧର ମହାପାତ୍ର, ଭରଣୀ, ସ୍ୱା-ଚକ୍ରଧର, ଗ୍ରା-ନିଜର୍ଗା
	ଶରଣ୍ଣା	୬୪	ବେସରକାରୀ	ଡାଙ୍ଗରମି	୦.୧୩୦	ଶ୍ରୀ ଶିବଲିଙ୍ଗ ମହାଦେବ ବିଜେ, ନିଜର୍ଗା, ମାର୍ଫତ୍ କମାନ୍ ମହାପାତ୍ର, ମାଲା, ସମନ୍ତୁ, ପି-ଲକ୍ଷ୍ମଣ, ଯାଜ୍ଞସେନୀ ମହାପାତ୍ର, ସ୍ୱା-ଲକ୍ଷ୍ମଣ, ସରୋଜ, ପି-ସୁକା ମହାପାତ୍ର, ଗ୍ରା-ନିଜର୍ଗା
	ଶରଣ୍ଣା	୫୩	ବେସରକାରୀ	ପତିତ	୦.୧୦୦	ଦୁର୍ଯୋଧନ ମହାପାତ୍ର, ପି-ସୁରଦେବ, ଶତ୍ରୁଘ୍ନ, ପି-ଭରଦେବ, ଲୋକନାଥ, ଭୁବନ, ବିନୋଦ, ଗୋବିନ୍ଦ, ଗଜେନ୍ଦ୍ର, ଭାଗେନ୍ଦ୍ର, ଭୁବ, ପି-ଶିବ ମହାପାତ୍ର, ଗ୍ରା-ନିଜର୍ଗା
	ଶରଣ୍ଣା	୫୦	ବେସରକାରୀ	ଡାଙ୍ଗରମି	୦.୦୫୦	ଦୁର୍ଯୋଧନ ମହାପାତ୍ର, ପି-ସୁରଦେବ, ଶତ୍ରୁଘ୍ନ, ପି-ଭରଦେବ, ଲୋକନାଥ, ଭୁବନ, ବିନୋଦ, ଗୋବିନ୍ଦ, ଗଜେନ୍ଦ୍ର, ଭାଗେନ୍ଦ୍ର, ଭୁବ, ପି-ଶିବ ମହାପାତ୍ର, ଗ୍ରା-ନିଜର୍ଗା
	ଶରଣ୍ଣା	୧୬୭	ବେସରକାରୀ	ଆଡ଼ି	୦.୦୫୦	ଗୌରୀ ଚରଣ ଭୋଇ, ପି-ଦୁଲେମାଶି ଭୋଇ, ଗ୍ରା-ଖରାଲିପାଲି
	ଶରଣ୍ଣା	୪୮	ବେସରକାରୀ	ପତିତ	୦.୦୫୦	ପଞ୍ଚାନନ ମହାପାତ୍ର, ଗୋପାଳିଷଣ, ପି-ଖେତ୍ର, ମାଡ଼ୁ, ପି-ଗିରିଧାରି ମହାପାତ୍ର, ଗ୍ରା-ନିଜର୍ଗା
	ଶରଣ୍ଣା	୬୫୦	ବେସରକାରୀ	ଘରବାରୀ	୦.୦୫୦	ପଞ୍ଚାନନ ମହାପାତ୍ର, ଗୋପାଳିଷଣ, ପି-ଖେତ୍ର, ମାଡ଼ୁ, ପି-ଗିରିଧାରି ମହାପାତ୍ର, ଗ୍ରା-ନିଜର୍ଗା
	ଶରଣ୍ଣା	୨୪୪	ବେସରକାରୀ	ଡାଙ୍ଗରମି	୦.୦୫୦	ରବିନ୍ଦ୍ର ପ୍ରସାଦ ମିଶ୍ର, ଅମରେନ୍ଦ୍ର ପ୍ରସାଦ ମିଶ୍ର, ପି-ଜୀବନାରାୟଣ ମିଶ୍ର, ଆଶିଷ ମିଶ୍ର, ପି-ପ୍ରସାଦ ପ୍ରସାଦ ମିଶ୍ର ବଂଶ ଅବମାନେ, ଗ୍ରା-ନିଜର୍ଗା
	ଶରଣ୍ଣା	୫୦	ବେସରକାରୀ	ଡାଙ୍ଗରମି	୦.୦୫୦	ବିଜେନ୍ଦ୍ର କୁମାର ମିଶ୍ର, ପି-ଭାଗବିହାରୀ ମିଶ୍ର ଗ୍ରା-ନିଜର୍ଗା
	ଶରଣ୍ଣା	୫୯	ବେସରକାରୀ	ଡାଙ୍ଗରମି	୦.୦୫୦	କୃଷ୍ଣ ମହାପାତ୍ର, ପି-ଚନ୍ଦ୍ରଶେଖର ମହାପାତ୍ର ଗ୍ରା-ନିଜର୍ଗା
	ଶରଣ୍ଣା	୫୮	ବେସରକାରୀ	ଡାଙ୍ଗରମି	୦.୦୫୦	ଜଗୁନାଥ ମିଶ୍ର, ପି-ଜନାର୍ଦନ ମିଶ୍ର, ଗ୍ରା- ନିଜର୍ଗା
	ଶରଣ୍ଣା	୨୫୨	ବେସରକାରୀ	ଆଡ଼ି	୦.୦୫୦	ଜଗୁନାଥ ମିଶ୍ର, ପି-ଜନାର୍ଦନ ମିଶ୍ର, ଗ୍ରା- ନିଜର୍ଗା
	ଶରଣ୍ଣା	୨୫୭	ବେସରକାରୀ	ଡାଙ୍ଗରମି	୦.୦୫୦	ଜଗୁନାଥ ମିଶ୍ର, ପି-ଜନାର୍ଦନ ମିଶ୍ର, ଗ୍ରା- ନିଜର୍ଗା
	ଶରଣ୍ଣା	୨୫୫	ବେସରକାରୀ	ଡାଙ୍ଗରମି	୦.୦୫୦	ଜଗୁନାଥ ମିଶ୍ର, ପି-ଜନାର୍ଦନ ମିଶ୍ର, ଗ୍ରା- ନିଜର୍ଗା
	ଶରଣ୍ଣା	୫୧	ବେସରକାରୀ	ଡାଙ୍ଗରମି	୦.୦୫୦	ରାଜଧାରାର ତ୍ରିପାଠୀ, ପି-ବିଦ୍ୟାଧିଶ୍ୱର ତ୍ରିପାଠୀ, ଗ୍ରା-ନିଜର୍ଗା
	ଶରଣ୍ଣା	୨୫୦	ବେସରକାରୀ	ଡାଙ୍ଗରମି	୦.୦୫୦	ଜୟକର ପ୍ରଧାନ, ପି- ଦୁର୍ଲ ପ୍ରଧାନ, ଗ୍ରା-ବୁଦ୍ଧିମାଳ (ଦାଶାବାଲା)
	ଶରଣ୍ଣା	୨୫୧	ବେସରକାରୀ	ଡାଙ୍ଗରମି	୦.୧୫୦	ଅଖିଷ୍ଟ ପ୍ରଧାନ, ପି-ମୁନା ପ୍ରଧାନ, ଗ୍ରା-ବୁଦ୍ଧିମାଳ (ଦାଶାବାଲା)
	ଶରଣ୍ଣା	୫୪୩	ବେସରକାରୀ	ଡାଙ୍ଗରମି	୦.୦୫୦	ସୁରେନ୍ଦ୍ର ଚରଣ ଭରଦିଆ, ପି-ବସନ୍ତ ଭରଦିଆ, ଗ୍ରା-ନିଜର୍ଗା
	ଶରଣ୍ଣା	୨୫୨	ବେସରକାରୀ	ଡାଙ୍ଗରମି	୦.୦୫୦	ଜୀବନ ମିଶ୍ର, ପି-ଦିପିନ ବିହାରୀ ମିଶ୍ର, ଗ୍ରା-ନିଜର୍ଗା
	ଶରଣ୍ଣା	୨୫୨	ବେସରକାରୀ	ଜଳାଶୟ	୦.୦୫୦	ଉତ୍ତମ ଦାସ, ପି-ଉମ ଦାସ, ଗ୍ରା-ନିଜର୍ଗା
	ଶରଣ୍ଣା	୫୫୬	ସରକାରୀ	କେନାଲ	୦.୦୫୦	ଜଳସମ୍ପଦ ବିଭାଗ
	ଶରଣ୍ଣା	୫୬୬	ସରକାରୀ	କେନାଲ	୦.୦୫୦	ଜଳସମ୍ପଦ ବିଭାଗ
	ଶରଣ୍ଣା	୬୬	ସରକାରୀ	ନଗନଦୋରି	୦.୦୫୦	ପିଚ୍‌ଦ୍ଧି
	ଶରଣ୍ଣା	୫୭	ସରକାରୀ	ନଗନଦୋରି	୦.୦୫୦	ପିଚ୍‌ଦ୍ଧି
	ଶରଣ୍ଣା	୫୪୦	ସରକାରୀ	ନଗନଦୋରି	୦.୦୫୦	ପିଚ୍‌ଦ୍ଧି
	ଶରଣ୍ଣା	୫୫୨	ସରକାରୀ	ଉରତ ଯୋଗାଯୋଗ୍ୟ	୦.୦୫୦	ରକ୍ଷିତ
	ଶରଣ୍ଣା	୫୫୮	ସରକାରୀ	ଗୋଚର	୦.୦୫୦	ରକ୍ଷିତ
	ଶରଣ୍ଣା	୧୦୦୩	ସରକାରୀ	ନଦୀ	୦.୦୫୦	ଆବାଦ ଅଯୋଗ୍ୟ ଅନାବାଦି
୫.	ଭାଦରପାଲି	୬	ସରକାରୀ	କେନାଲ ଆଡ଼ି	୦.୦୫୦	ଜଳସମ୍ପଦ ବିଭାଗ
	ଭାଦରପାଲି	୫୪	ସରକାରୀ	କେନାଲ	୦.୦୫୦	ଜଳସମ୍ପଦ ବିଭାଗ
	ଭାଦରପାଲି	୬୨୫	ସରକାରୀ	ନଗନଦୋରି	୦.୦୫୦	ଜାତୀୟ ରାଜପଥ
୬.	ଚେଲେପାଲି	୧୩୨୭	ସରକାରୀ	କେନାଲ	୦.୦୫୦	ଜଳସମ୍ପଦ ବିଭାଗ
	ଚେଲେପାଲି	୮୦୩	ବେସରକାରୀ	ପତିତ	୦.୦୫୦	ଦେବିଦାସ ପ୍ରଧାନ, ଭୁଜ, ବସନ୍ତି, ଜ୍ଞାନ, କାସିନାଥ, ଜଲିତ, ପି-ଶକ୍ତିର ପ୍ରଧାନ, ଖାଲାକାନ୍ତ, ଭାଗସ, ରାମନାଲ, ପି-ଭୀର୍ଜ୍ଜ, ପ୍ରଭାତ, ଶରେଣ, ସ୍ୱା-ଭାଲ ପ୍ରଧାନ, ଗ୍ରା-ନିଜର୍ଗା
	ଚେଲେପାଲି	୧୨୯	ବେସରକାରୀ	ଡାଙ୍ଗରମି	୦.୦୫୦	ସାଗର କୁମାରୀ ଗୁପ୍ତା, ପି-ଗୋରାରଙ୍ଗ ଗୁପ୍ତା, ଗ୍ରା-ନିଜର୍ଗା
୭.	ଜଳ୍ଲୁପଡ଼ା	୬୩୮	ବେସରକାରୀ	ଡାଙ୍ଗରମି	୦.୦୫୦	ଦଶ୍ୟମଣି ପ୍ରଧାନ, ଜୁଜ, ପି-ରଣି ପ୍ରଧାନ, ରାମଶାସ୍ତ୍ର, ପି-ଠାକୁର, ରବେଷ୍ଣୁ, ପି-ଲୁଲି, ଧୋବା, ପି-ଦୁଲି, ସାଧୁ, ପି-ଗୋବିନ, ଡିମାଲି, ପି-ଶ୍ରୀଲ୍ୟା, ଗ୍ରା-ନିଜର୍ଗା
	ଜଳ୍ଲୁପଡ଼ା	୨୬୬୬	ବେସରକାରୀ	ଡାଙ୍ଗରମି	୦.୦୫୦	ଦୁର୍ଗିଚରଣ ପ୍ରଧାନ, ପୋଦେଦଳ, ପି-ହିମାଲାସ୍ୟ, ଶକୁନ୍ତଳ, ପି-ଦିଶ୍ୟ, ଦୁର୍ଗିଚ୍ଛୁ, ଗ୍ରା-ନିଜର୍ଗା
	ଜଳ୍ଲୁପଡ଼ା	୨୯୫୫	ସରକାରୀ	ଗୋଚର	୦.୦୫୦	ରକ୍ଷିତ
	ଜଳ୍ଲୁପଡ଼ା	୨୬୨	ସରକାରୀ	ରାସ୍ତା	୦.୦୫୦	ରକ୍ଷିତ
	ଜଳ୍ଲୁପଡ଼ା	୮୬୫୬	ବେସରକାରୀ	ଡାଙ୍ଗରମି	୦.୦୫୦	ସପମାଳିନୀ ଦାଶ, ପି-ଅଳ୍ପଦ ଦାଶ, ଗ୍ରା-ନିଜର୍ଗା
୮.	ଗୁରୁଡ଼ାପାଲି	୧୦୨୫	ବେସରକାରୀ	ଡାଙ୍ଗରମି	୦.୦୫୦	ଉଦୟ ସାହୁ, ପି-ସାଧୁ ସାହୁ, ଗ୍ରା-ନିଜର୍ଗା
	ଗୁରୁଡ଼ାପାଲି	୧୦୨୪	ବେସରକାରୀ	ଡାଙ୍ଗରମି	୦.୦୫୦	ଉଦୟ ସାହୁ, ପି-ସାଧୁ ସାହୁ, ଗ୍ରା-ନିଜର୍ଗା
	ଗୁରୁଡ଼ାପାଲି	୧୦୨୩	ସରକାରୀ	ନଗନଦୋରି	୦.୦୫୦	ପିଚ୍‌ଦ୍ଧି
	ଗୁରୁଡ଼ାପାଲି	୬୪୧	ସରକାରୀ	ନଗନଦୋରି	୦.୦୫୦	ପିଚ୍‌ଦ୍ଧି
	ଗୁରୁଡ଼ାପାଲି	୧୦୨୪	ସରକାରୀ	ନଗନଦୋରି	୦.୦୫୦	ପିଚ୍‌ଦ୍ଧି
See Next Page.
